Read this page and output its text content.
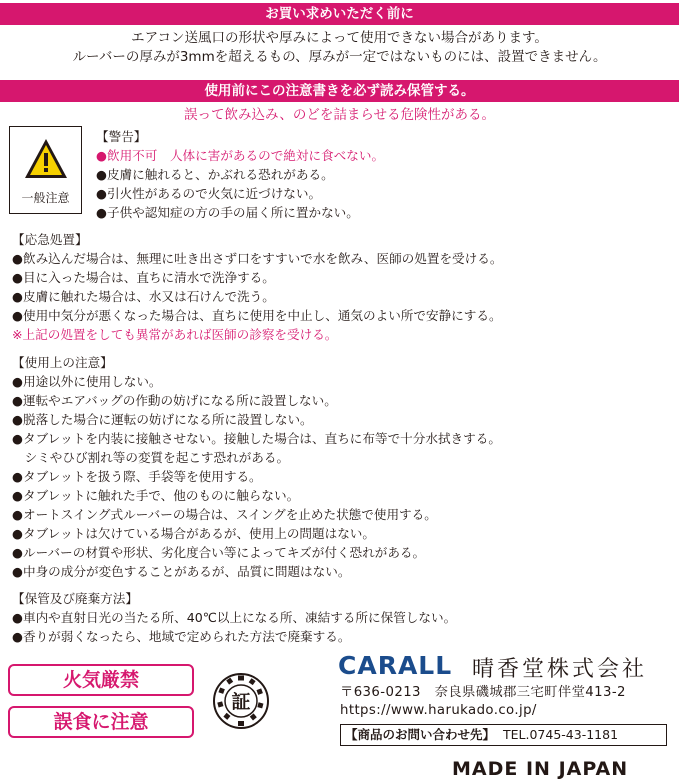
お買い求めいただく前に
エアコン送風口の形状や厚みによって使用できない場合があります。
ルーバーの厚みが3mmを超えるもの、厚みが一定ではないものには、設置できません。
使用前にこの注意書きを必ず読み保管する。
誤って飲み込み、のどを詰まらせる危険性がある。
一般注意
【警告】
●飲用不可　人体に害があるので絶対に食べない。
●皮膚に触れると、かぶれる恐れがある。
●引火性があるので火気に近づけない。
●子供や認知症の方の手の届く所に置かない。
【応急処置】
●飲み込んだ場合は、無理に吐き出さず口をすすいで水を飲み、医師の処置を受ける。
●目に入った場合は、直ちに清水で洗浄する。
●皮膚に触れた場合は、水又は石けんで洗う。
●使用中気分が悪くなった場合は、直ちに使用を中止し、通気のよい所で安静にする。
※上記の処置をしても異常があれば医師の診察を受ける。
【使用上の注意】
●用途以外に使用しない。
●運転やエアバッグの作動の妨げになる所に設置しない。
●脱落した場合に運転の妨げになる所に設置しない。
●タブレットを内装に接触させない。接触した場合は、直ちに布等で十分水拭きする。
　シミやひび割れ等の変質を起こす恐れがある。
●タブレットを扱う際、手袋等を使用する。
●タブレットに触れた手で、他のものに触らない。
●オートスイング式ルーバーの場合は、スイングを止めた状態で使用する。
●タブレットは欠けている場合があるが、使用上の問題はない。
●ルーバーの材質や形状、劣化度合い等によってキズが付く恐れがある。
●中身の成分が変色することがあるが、品質に問題はない。
【保管及び廃棄方法】
●車内や直射日光の当たる所、40℃以上になる所、凍結する所に保管しない。
●香りが弱くなったら、地域で定められた方法で廃棄する。
火気厳禁
誤食に注意
証
CARALL 晴香堂株式会社
〒636-0213　奈良県磯城郡三宅町伴堂413-2
https://www.harukado.co.jp/
【商品のお問い合わせ先】 TEL.0745-43-1181
MADE IN JAPAN
